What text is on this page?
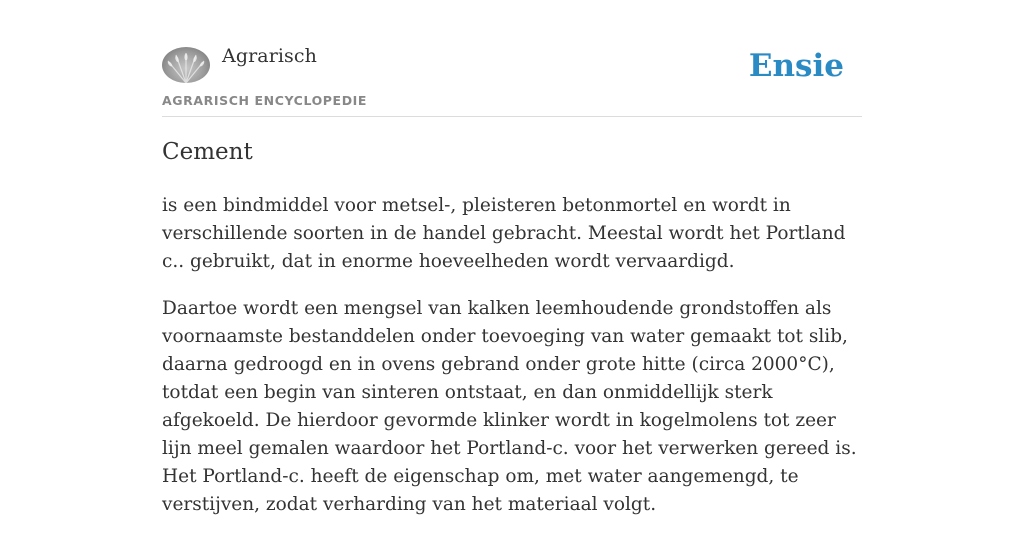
Agrarisch
AGRARISCH ENCYCLOPEDIE
Ensie
Cement

is een bindmiddel voor metsel-, pleisteren betonmortel en wordt in verschillende soorten in de handel gebracht. Meestal wordt het Portland c.. gebruikt, dat in enorme hoeveelheden wordt vervaardigd.

Daartoe wordt een mengsel van kalken leemhoudende grondstoffen als voornaamste bestanddelen onder toevoeging van water gemaakt tot slib, daarna gedroogd en in ovens gebrand onder grote hitte (circa 2000°C), totdat een begin van sinteren ontstaat, en dan onmiddellijk sterk afgekoeld. De hierdoor gevormde klinker wordt in kogelmolens tot zeer lijn meel gemalen waardoor het Portland-c. voor het verwerken gereed is. Het Portland-c. heeft de eigenschap om, met water aangemengd, te verstijven, zodat verharding van het materiaal volgt.
